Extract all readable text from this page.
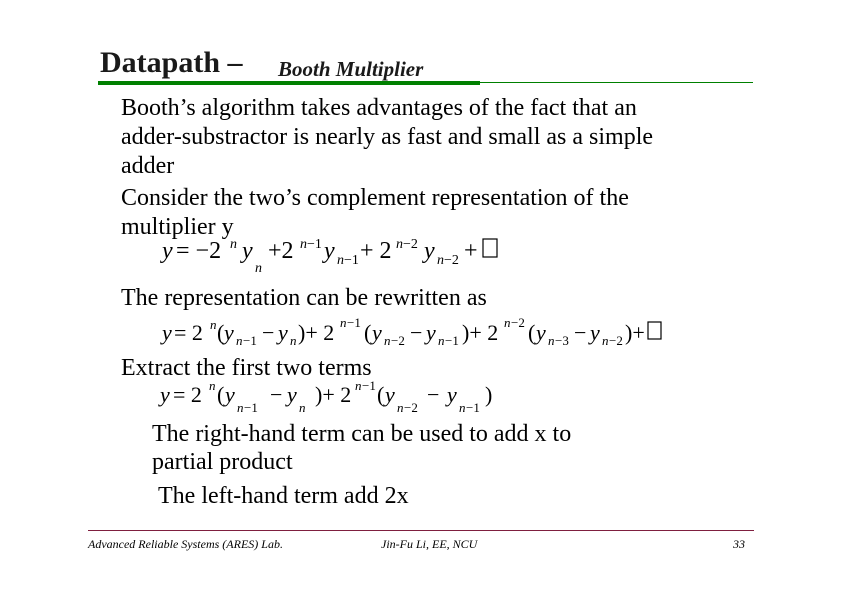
Datapath – Booth Multiplier
Booth’s algorithm takes advantages of the fact that an
adder-substractor is nearly as fast and small as a simple
adder
Consider the two’s complement representation of the
multiplier y
y = −2 n y
n
+2 n −1 y n −1 + 2 n −2 y n −2 +
The representation can be rewritten as
y = 2 n ( y n −1 − y n )+ 2 n −1 ( y n −2 − y n −1 )+ 2 n −2 ( y n −3 − y n −2 )+
Extract the first two terms
y = 2 n ( y
n −1
− y
n
)+ 2 n −1 ( y
n −2
− y
n −1
)
The right-hand term can be used to add x to
partial product
The left-hand term add 2x
Advanced Reliable Systems (ARES) Lab.	Jin-Fu Li, EE, NCU	33
